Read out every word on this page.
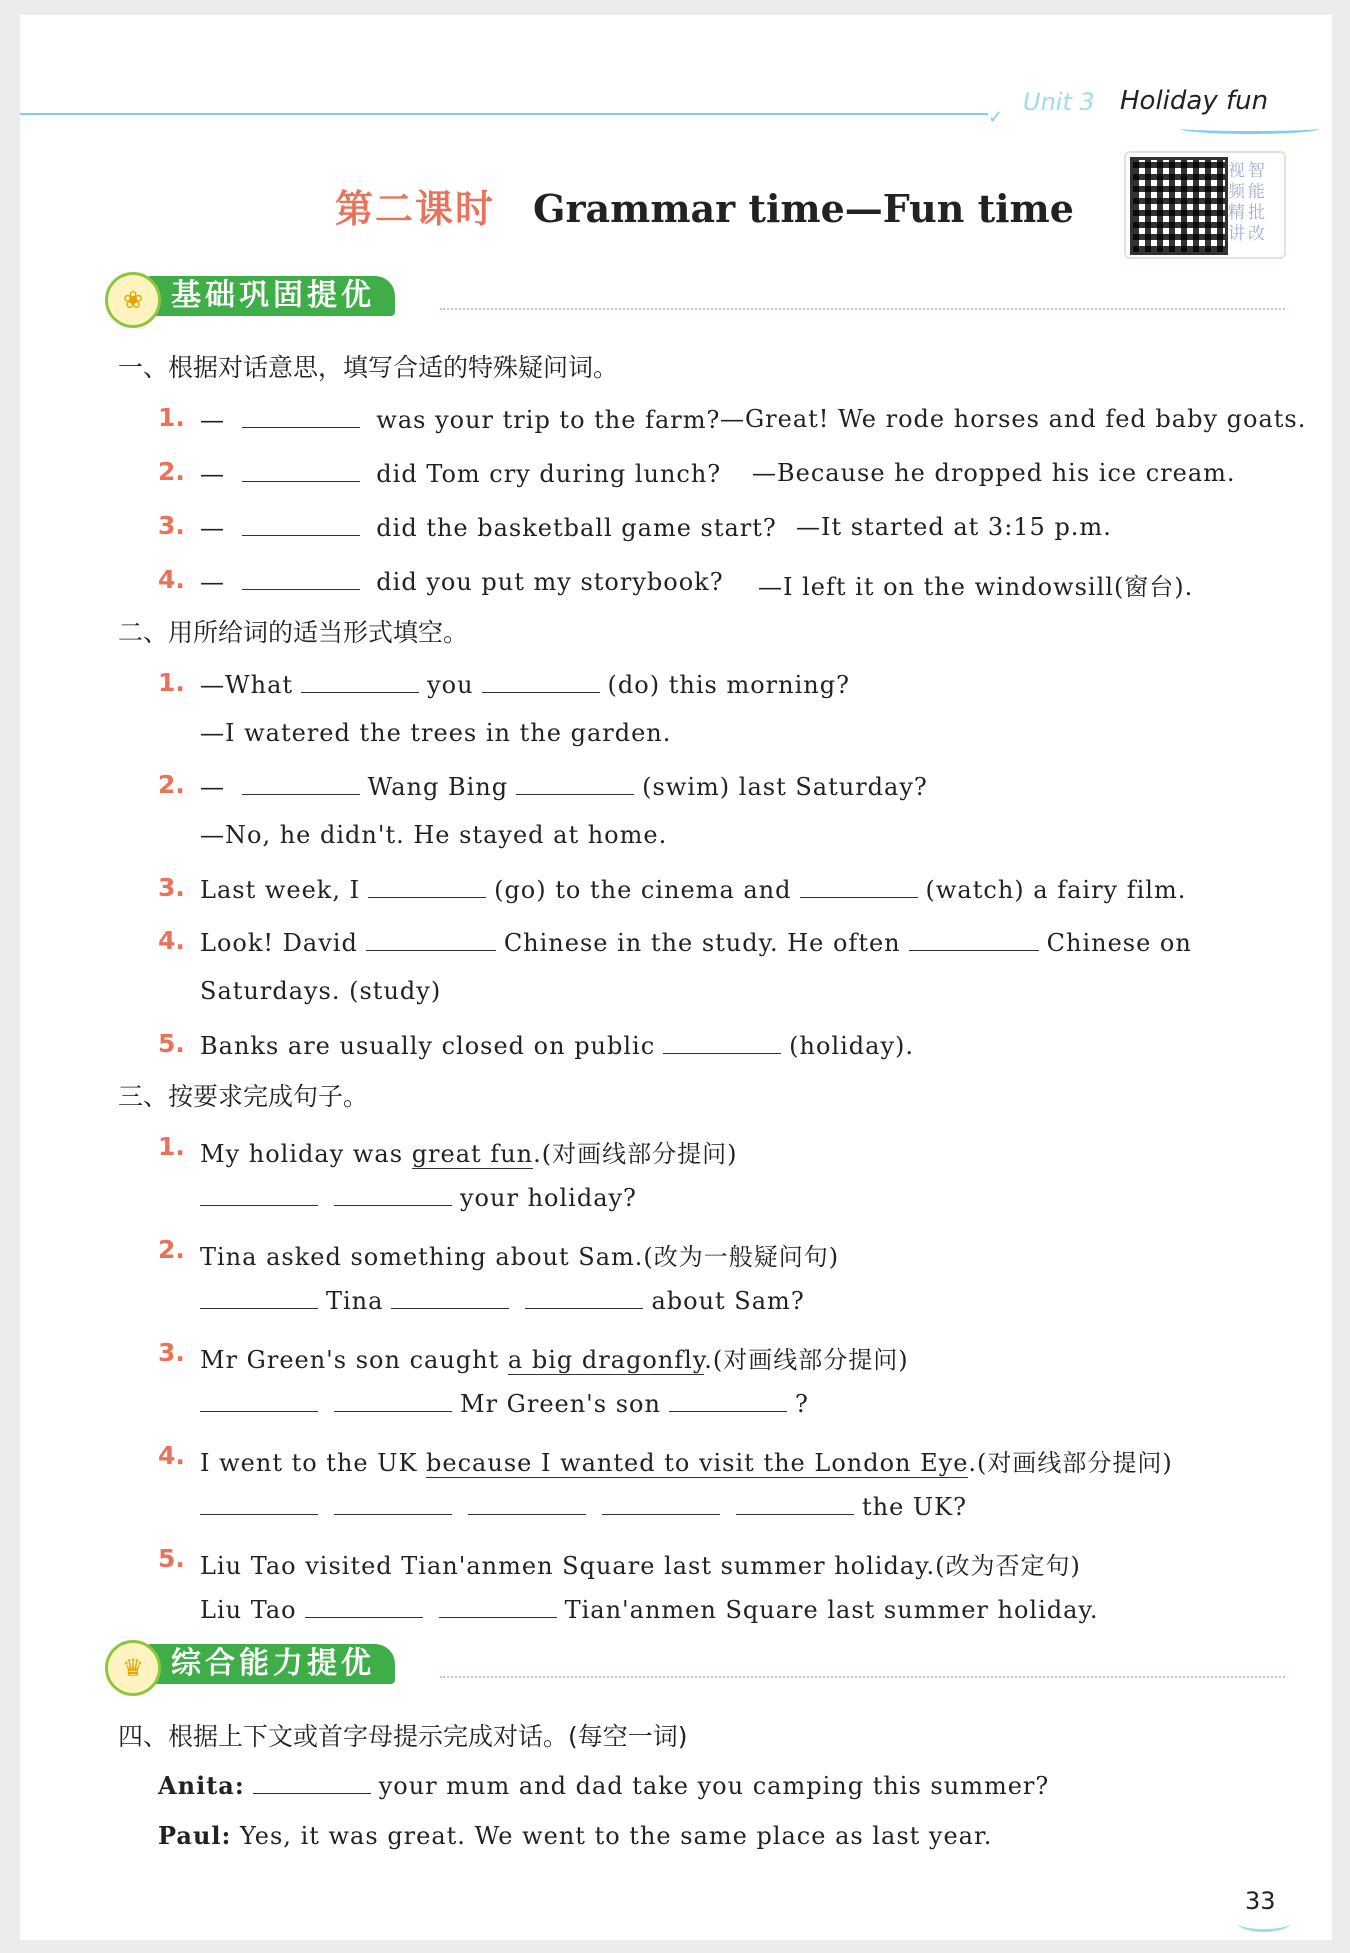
✓
Unit 3 Holiday fun
第二课时 Grammar time—Fun time
视智频能精批讲改
基础巩固提优
❀
一、根据对话意思，填写合适的特殊疑问词。
1. —	was your trip to the farm? —Great! We rode horses and fed baby goats.
2. —	did Tom cry during lunch? —Because he dropped his ice cream.
3. —	did the basketball game start? —It started at 3:15 p.m.
4. —	did you put my storybook? —I left it on the windowsill(窗台).
二、用所给词的适当形式填空。
1. —What	you	(do) this morning?
—I watered the trees in the garden.
2. —	Wang Bing	(swim) last Saturday?
—No, he didn't. He stayed at home.
3. Last week, I	(go) to the cinema and	(watch) a fairy film.
4. Look! David	Chinese in the study. He often	Chinese on
Saturdays. (study)
5. Banks are usually closed on public	(holiday).
三、按要求完成句子。
1. My holiday was great fun.(对画线部分提问)
your holiday?
2. Tina asked something about Sam.(改为一般疑问句)
Tina	about Sam?
3. Mr Green's son caught a big dragonfly.(对画线部分提问)
Mr Green's son	?
4. I went to the UK because I wanted to visit the London Eye.(对画线部分提问)
the UK?
5. Liu Tao visited Tian'anmen Square last summer holiday.(改为否定句)
Liu Tao	Tian'anmen Square last summer holiday.
综合能力提优
♛
四、根据上下文或首字母提示完成对话。(每空一词)
Anita:	your mum and dad take you camping this summer?
Paul: Yes, it was great. We went to the same place as last year.
33
